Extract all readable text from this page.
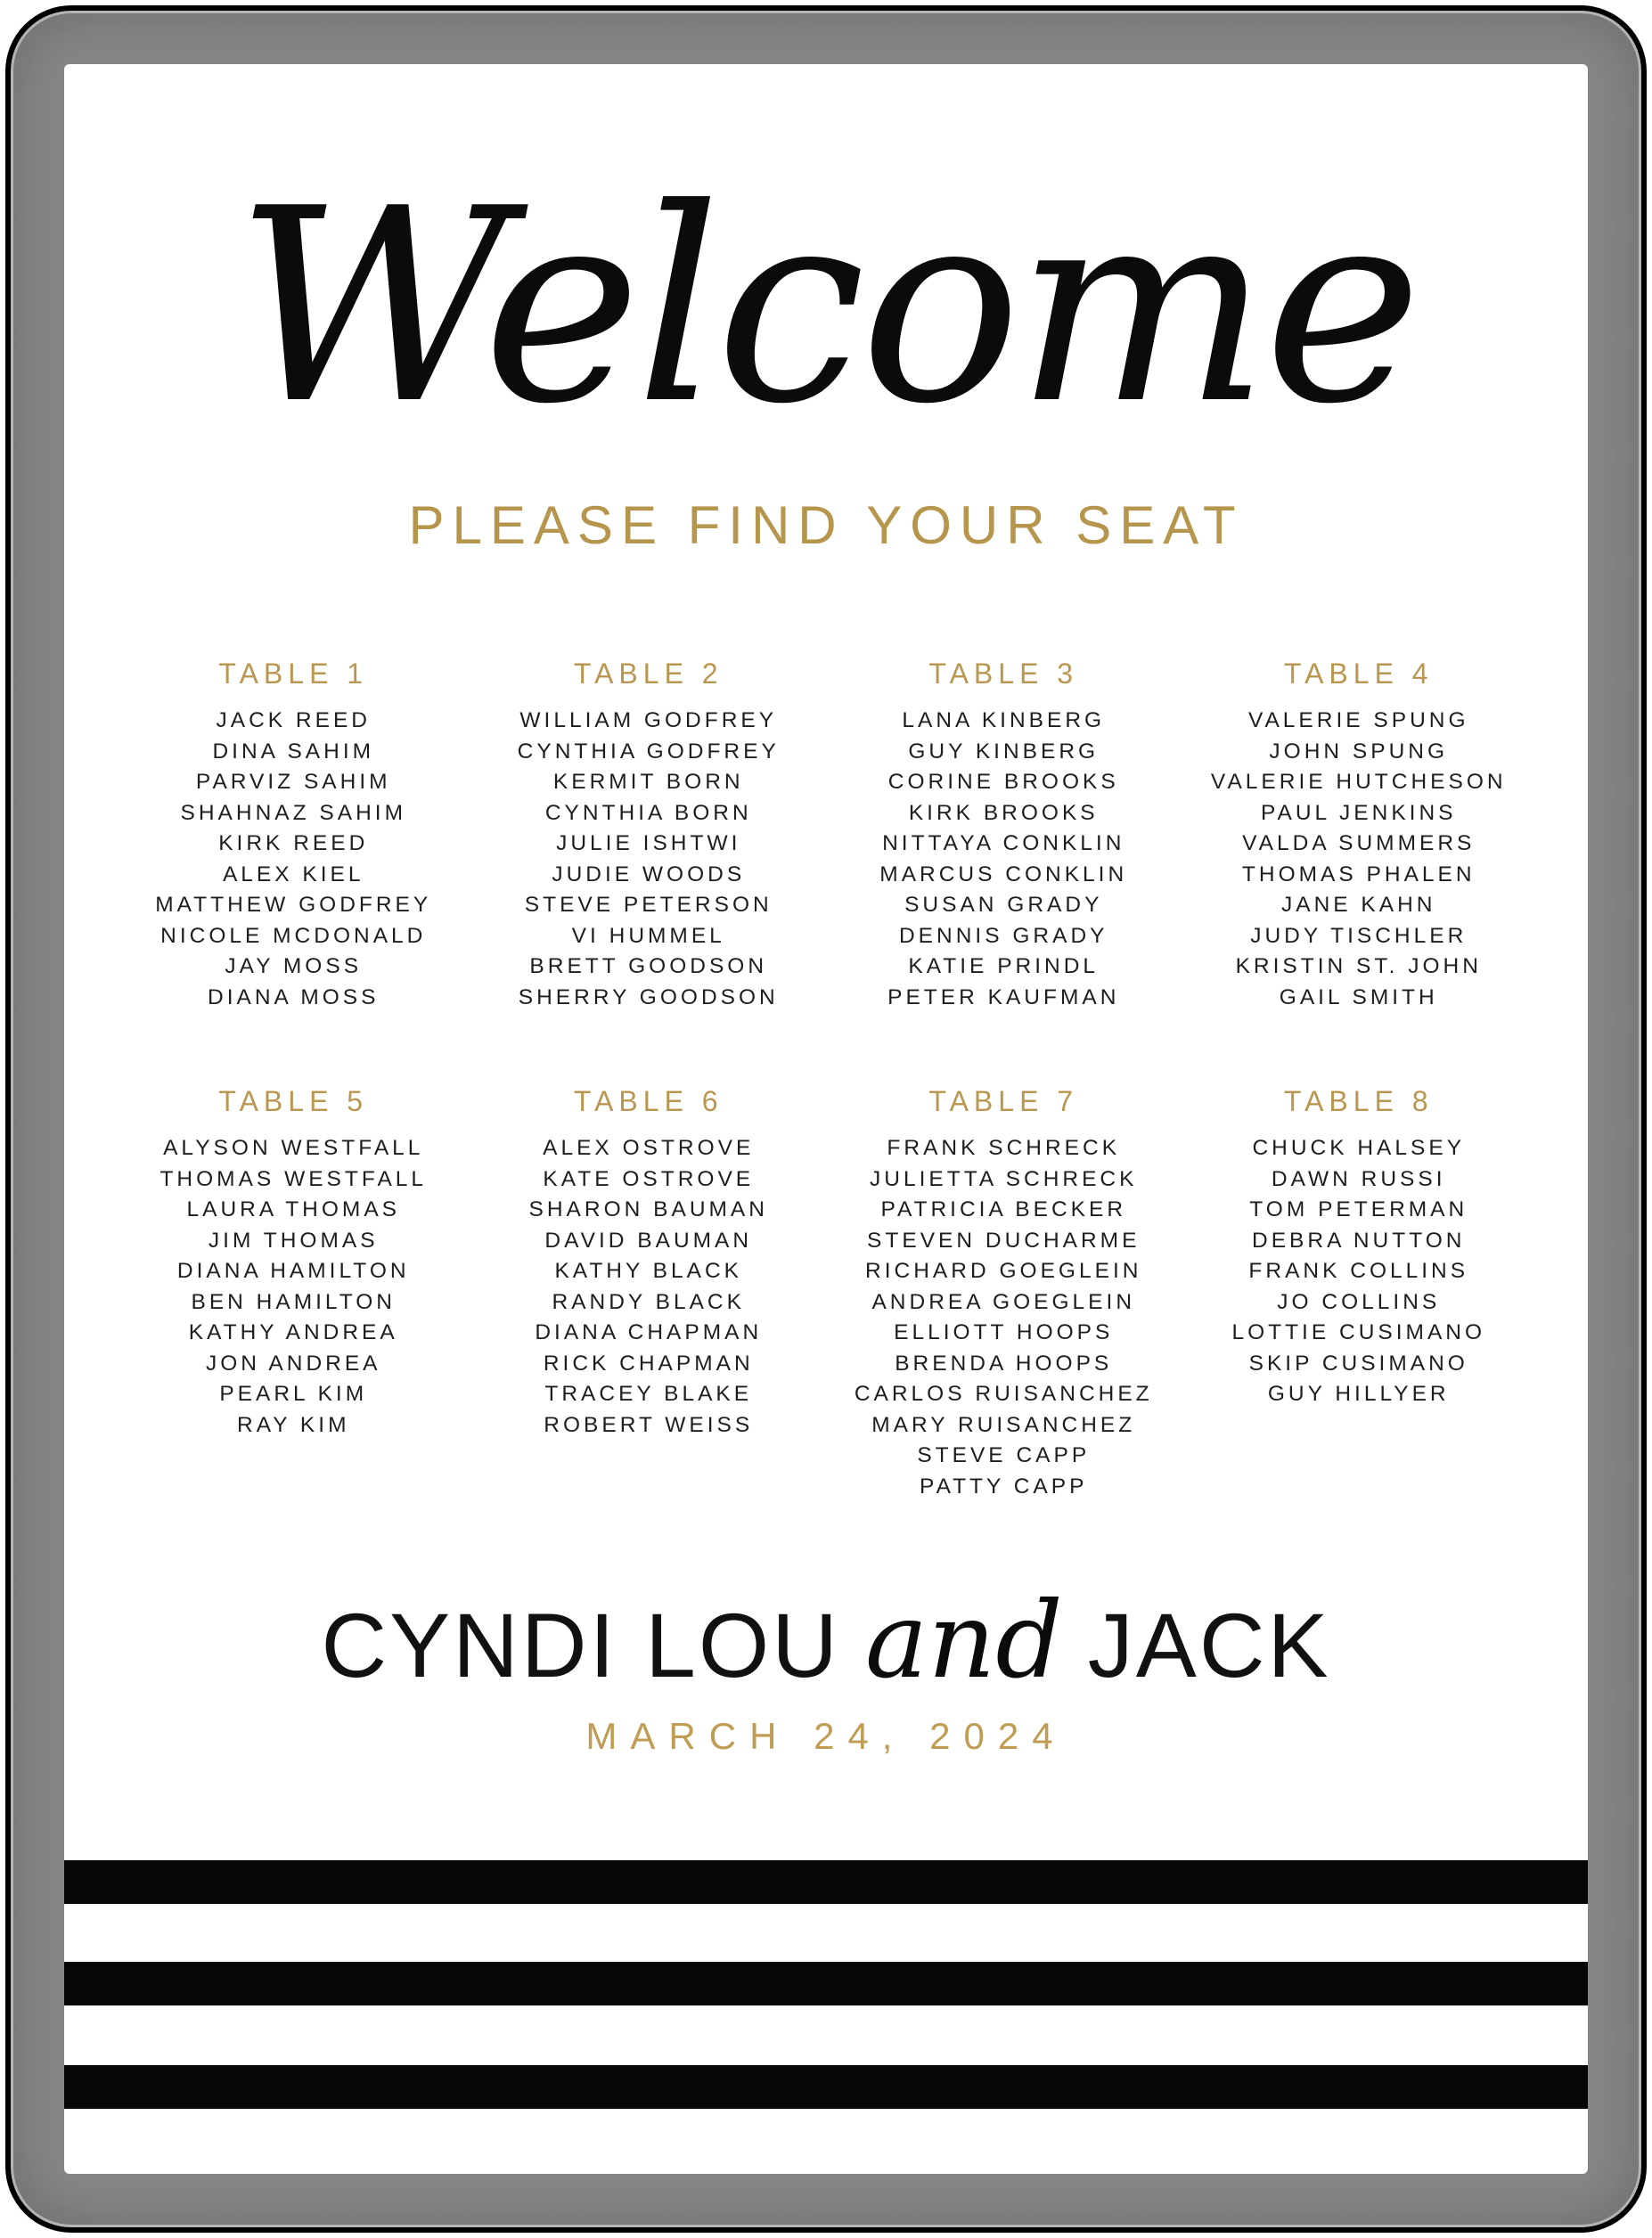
Welcome
PLEASE FIND YOUR SEAT
TABLE 1
JACK REED
DINA SAHIM
PARVIZ SAHIM
SHAHNAZ SAHIM
KIRK REED
ALEX KIEL
MATTHEW GODFREY
NICOLE MCDONALD
JAY MOSS
DIANA MOSS
TABLE 2
WILLIAM GODFREY
CYNTHIA GODFREY
KERMIT BORN
CYNTHIA BORN
JULIE ISHTWI
JUDIE WOODS
STEVE PETERSON
VI HUMMEL
BRETT GOODSON
SHERRY GOODSON
TABLE 3
LANA KINBERG
GUY KINBERG
CORINE BROOKS
KIRK BROOKS
NITTAYA CONKLIN
MARCUS CONKLIN
SUSAN GRADY
DENNIS GRADY
KATIE PRINDL
PETER KAUFMAN
TABLE 4
VALERIE SPUNG
JOHN SPUNG
VALERIE HUTCHESON
PAUL JENKINS
VALDA SUMMERS
THOMAS PHALEN
JANE KAHN
JUDY TISCHLER
KRISTIN ST. JOHN
GAIL SMITH
TABLE 5
ALYSON WESTFALL
THOMAS WESTFALL
LAURA THOMAS
JIM THOMAS
DIANA HAMILTON
BEN HAMILTON
KATHY ANDREA
JON ANDREA
PEARL KIM
RAY KIM
TABLE 6
ALEX OSTROVE
KATE OSTROVE
SHARON BAUMAN
DAVID BAUMAN
KATHY BLACK
RANDY BLACK
DIANA CHAPMAN
RICK CHAPMAN
TRACEY BLAKE
ROBERT WEISS
TABLE 7
FRANK SCHRECK
JULIETTA SCHRECK
PATRICIA BECKER
STEVEN DUCHARME
RICHARD GOEGLEIN
ANDREA GOEGLEIN
ELLIOTT HOOPS
BRENDA HOOPS
CARLOS RUISANCHEZ
MARY RUISANCHEZ
STEVE CAPP
PATTY CAPP
TABLE 8
CHUCK HALSEY
DAWN RUSSI
TOM PETERMAN
DEBRA NUTTON
FRANK COLLINS
JO COLLINS
LOTTIE CUSIMANO
SKIP CUSIMANO
GUY HILLYER
CYNDI LOU and JACK
MARCH 24, 2024
